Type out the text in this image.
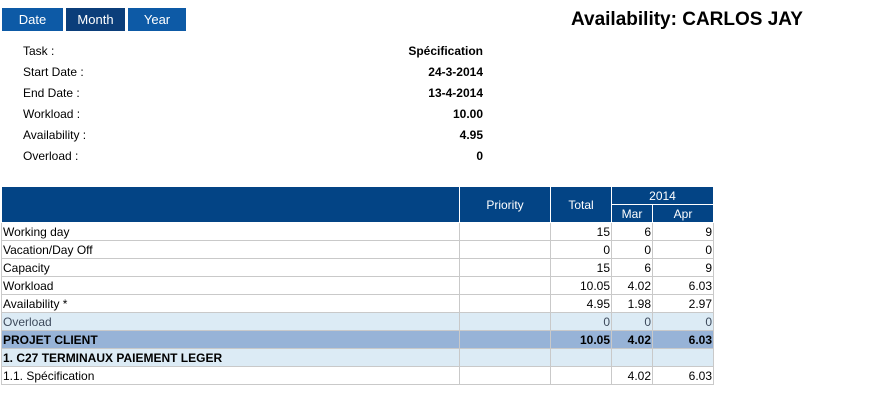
Date	Month	Year	Availability: CARLOS JAY
Task :	Spécification
Start Date :	24-3-2014
End Date :	13-4-2014
Workload :	10.00
Availability :	4.95
Overload :	0
	Priority	Total	2014	
			Mar	Apr
Working day		15	6	9
Vacation/Day Off		0	0	0
Capacity		15	6	9
Workload		10.05	4.02	6.03
Availability *		4.95	1.98	2.97
Overload		0	0	0
PROJET CLIENT		10.05	4.02	6.03
1. C27 TERMINAUX PAIEMENT LEGER				
1.1. Spécification			4.02	6.03
